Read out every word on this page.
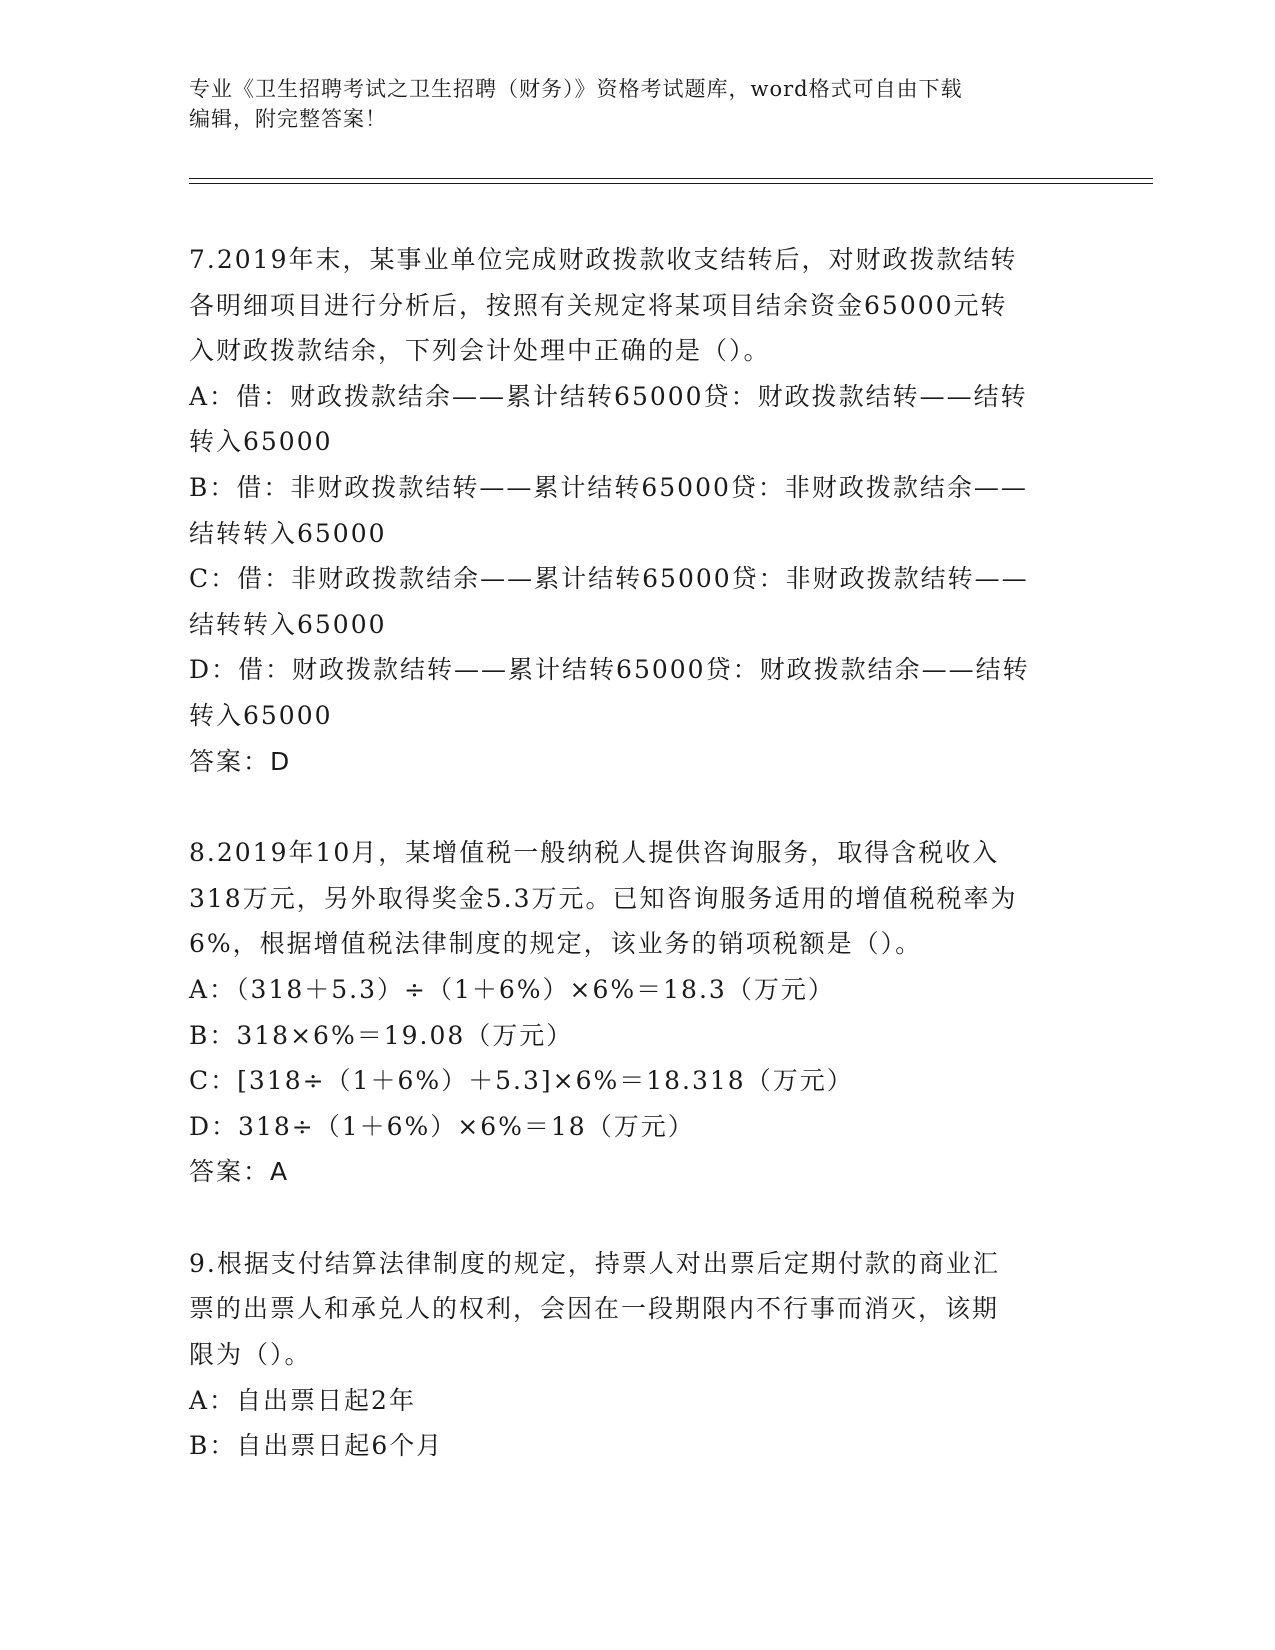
专业《卫生招聘考试之卫生招聘（财务）》资格考试题库，word格式可自由下载
编辑，附完整答案！

7.2019年末，某事业单位完成财政拨款收支结转后，对财政拨款结转

各明细项目进行分析后，按照有关规定将某项目结余资金65000元转

入财政拨款结余，下列会计处理中正确的是（）。

A：借：财政拨款结余——累计结转65000贷：财政拨款结转——结转

转入65000

B：借：非财政拨款结转——累计结转65000贷：非财政拨款结余——

结转转入65000

C：借：非财政拨款结余——累计结转65000贷：非财政拨款结转——

结转转入65000

D：借：财政拨款结转——累计结转65000贷：财政拨款结余——结转

转入65000

答案：D

8.2019年10月，某增值税一般纳税人提供咨询服务，取得含税收入

318万元，另外取得奖金5.3万元。已知咨询服务适用的增值税税率为

6%，根据增值税法律制度的规定，该业务的销项税额是（）。

A：（318＋5.3）÷（1＋6%）×6%＝18.3（万元）

B：318×6%＝19.08（万元）

C：[318÷（1＋6%）＋5.3]×6%＝18.318（万元）

D：318÷（1＋6%）×6%＝18（万元）

答案：A

9.根据支付结算法律制度的规定，持票人对出票后定期付款的商业汇

票的出票人和承兑人的权利，会因在一段期限内不行事而消灭，该期

限为（）。

A：自出票日起2年

B：自出票日起6个月
